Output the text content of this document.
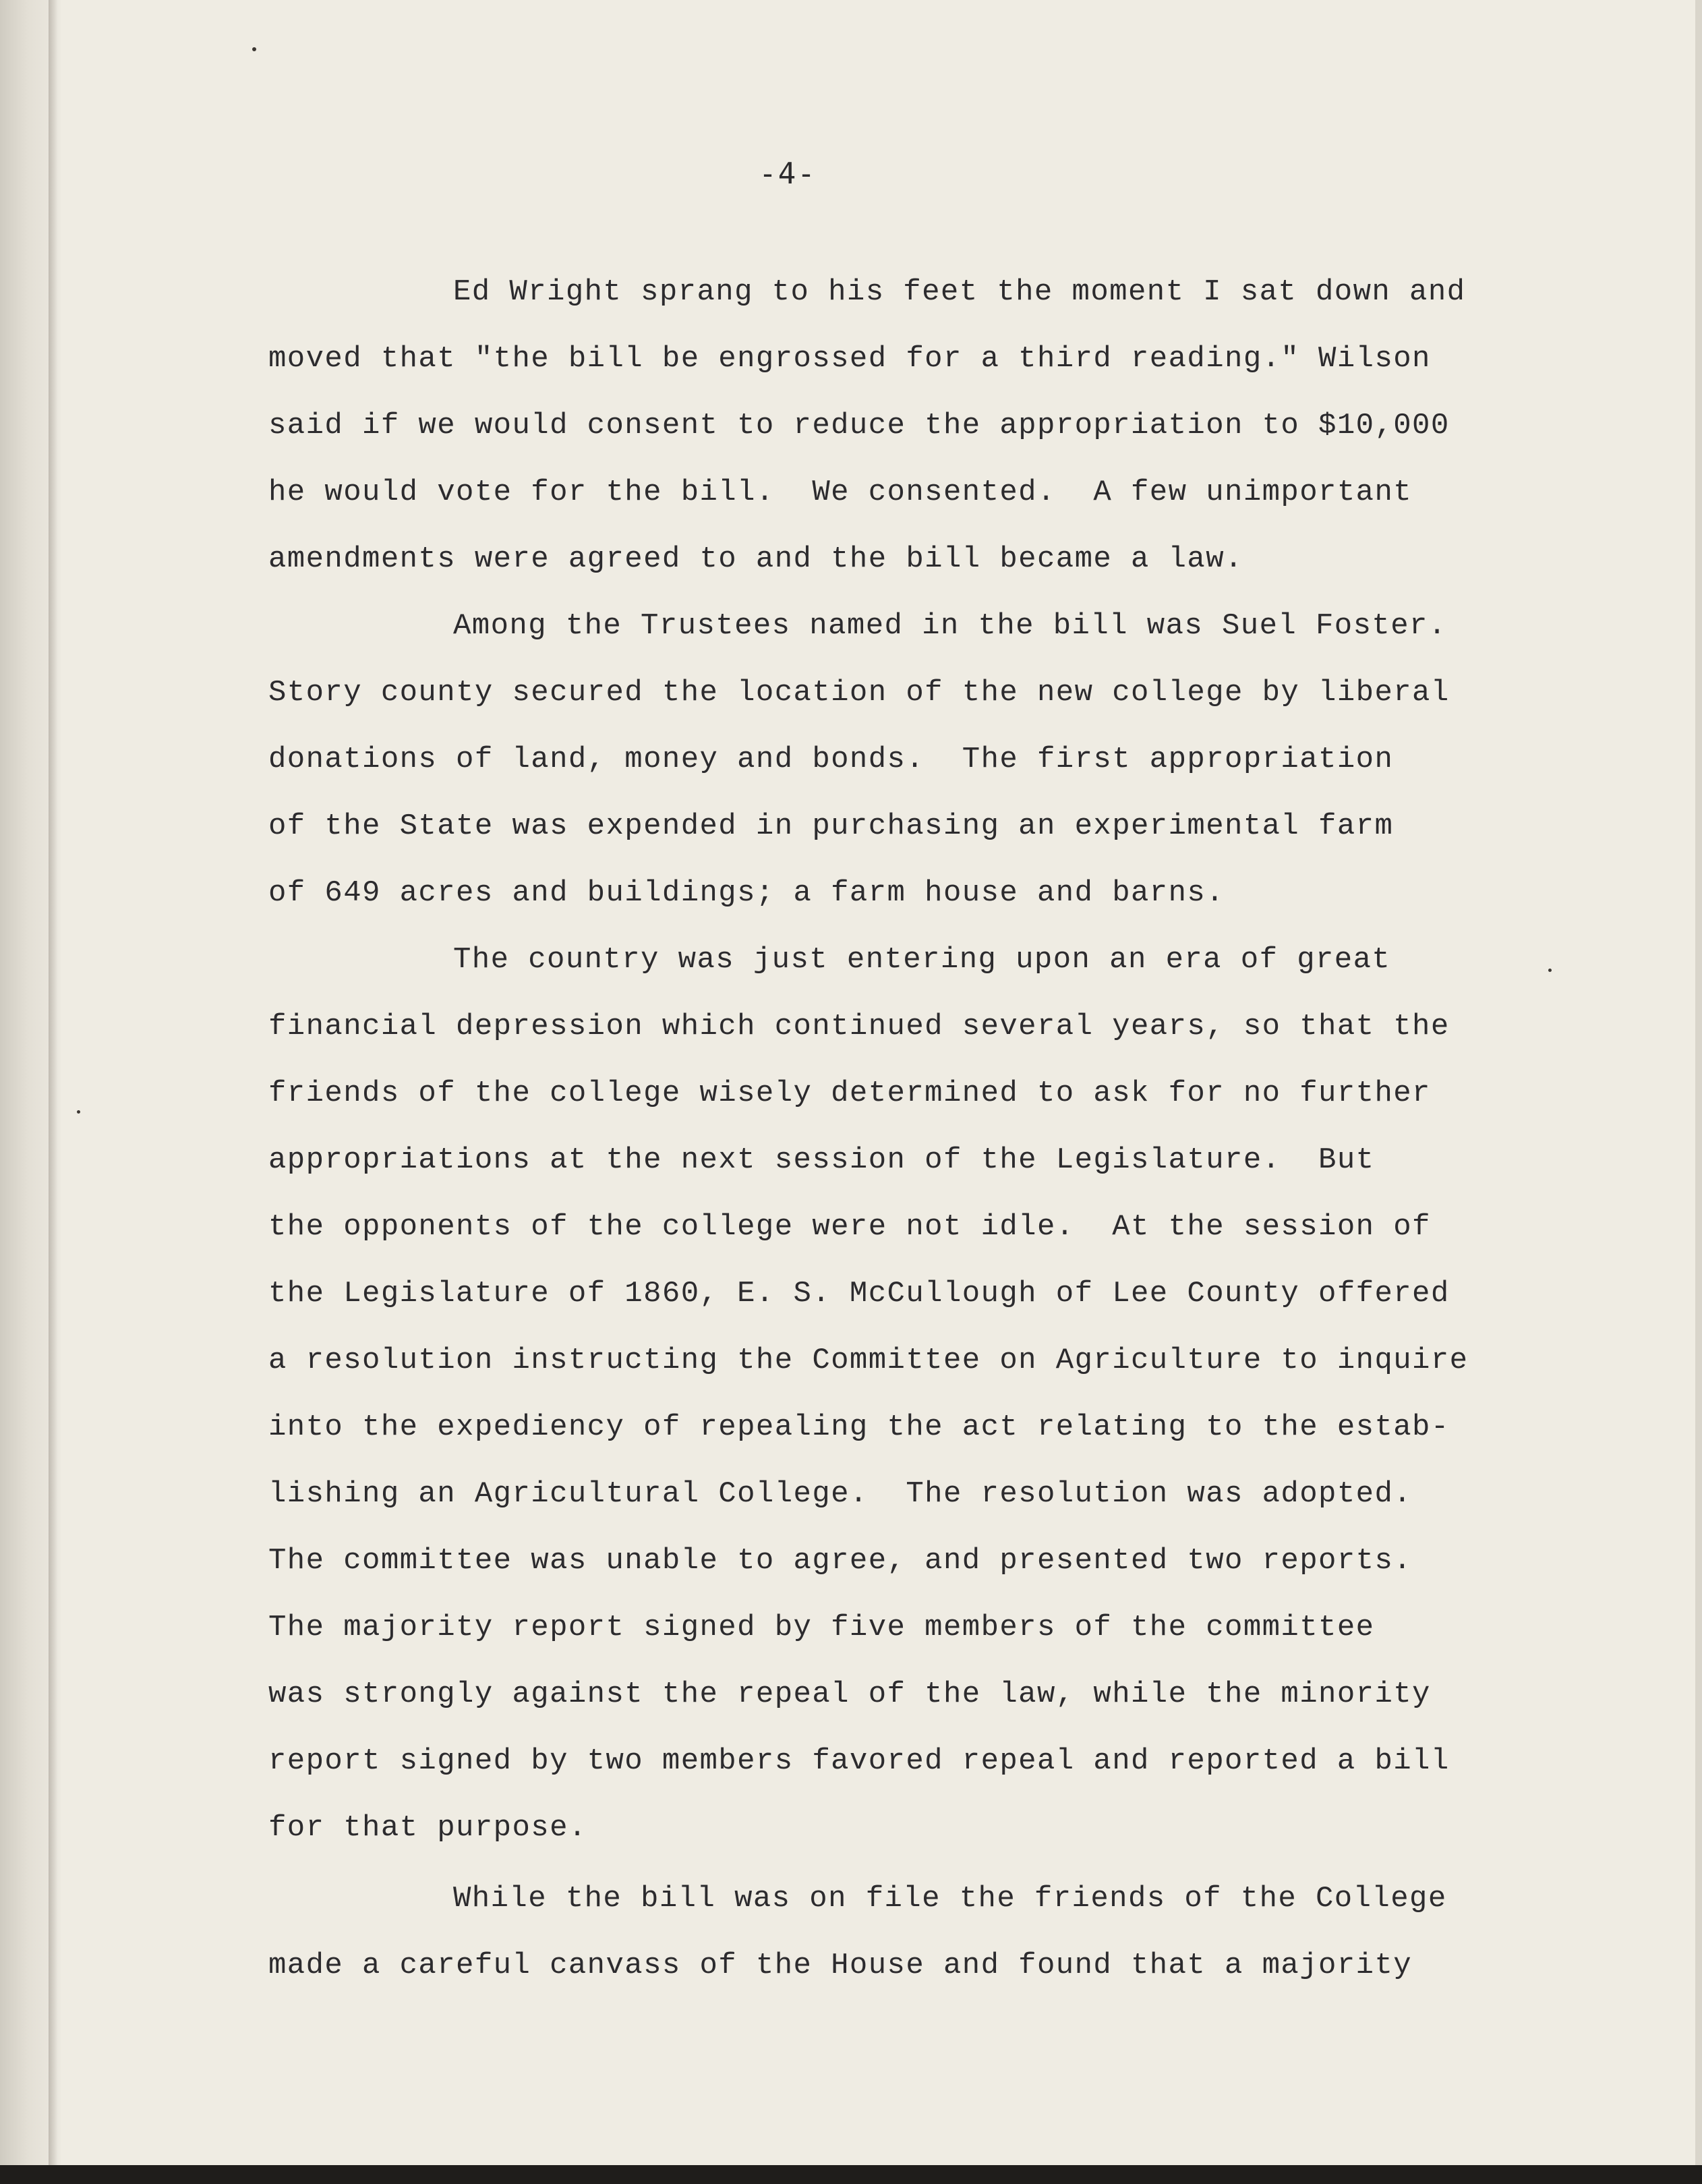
-4-
Ed Wright sprang to his feet the moment I sat down and
moved that "the bill be engrossed for a third reading." Wilson
said if we would consent to reduce the appropriation to $10,000
he would vote for the bill.  We consented.  A few unimportant
amendments were agreed to and the bill became a law.
Among the Trustees named in the bill was Suel Foster.
Story county secured the location of the new college by liberal
donations of land, money and bonds.  The first appropriation
of the State was expended in purchasing an experimental farm
of 649 acres and buildings; a farm house and barns.
The country was just entering upon an era of great
financial depression which continued several years, so that the
friends of the college wisely determined to ask for no further
appropriations at the next session of the Legislature.  But
the opponents of the college were not idle.  At the session of
the Legislature of 1860, E. S. McCullough of Lee County offered
a resolution instructing the Committee on Agriculture to inquire
into the expediency of repealing the act relating to the estab-
lishing an Agricultural College.  The resolution was adopted.
The committee was unable to agree, and presented two reports.
The majority report signed by five members of the committee
was strongly against the repeal of the law, while the minority
report signed by two members favored repeal and reported a bill
for that purpose.
While the bill was on file the friends of the College
made a careful canvass of the House and found that a majority
